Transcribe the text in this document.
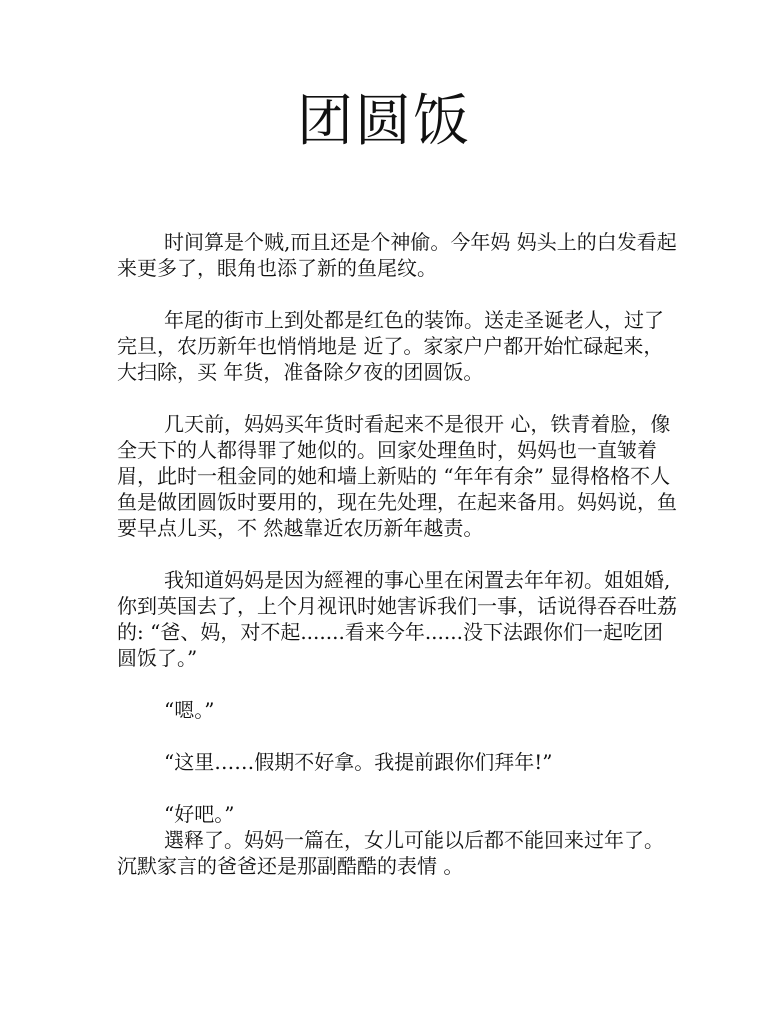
团圆饭

时间算是个贼,而且还是个神偷。今年妈 妈头上的白发看起来更多了，眼角也添了新的鱼尾纹。

年尾的街市上到处都是红色的装饰。送走圣诞老人，过了完旦，农历新年也悄悄地是 近了。家家户户都开始忙碌起来，大扫除，买 年货，准备除夕夜的团圆饭。

几天前，妈妈买年货时看起来不是很开 心，铁青着脸，像全天下的人都得罪了她似的。回家处理鱼时，妈妈也一直皱着眉，此时一租金同的她和墙上新贴的 “年年有余” 显得格格不人鱼是做团圆饭时要用的，现在先处理，在起来备用。妈妈说，鱼要早点儿买，不 然越靠近农历新年越责。

我知道妈妈是因为經裡的事心里在闲置去年年初。姐姐婚, 你到英国去了，上个月视讯时她害诉我们一事，话说得吞吞吐荔的: “爸、妈，对不起.......看来今年......没下法跟你们一起吃团圆饭了。”

“嗯。”

“这里……假期不好拿。我提前跟你们拜年!”

“好吧。”

選释了。妈妈一篇在，女儿可能以后都不能回来过年了。沉默家言的爸爸还是那副酷酷的表情 。
